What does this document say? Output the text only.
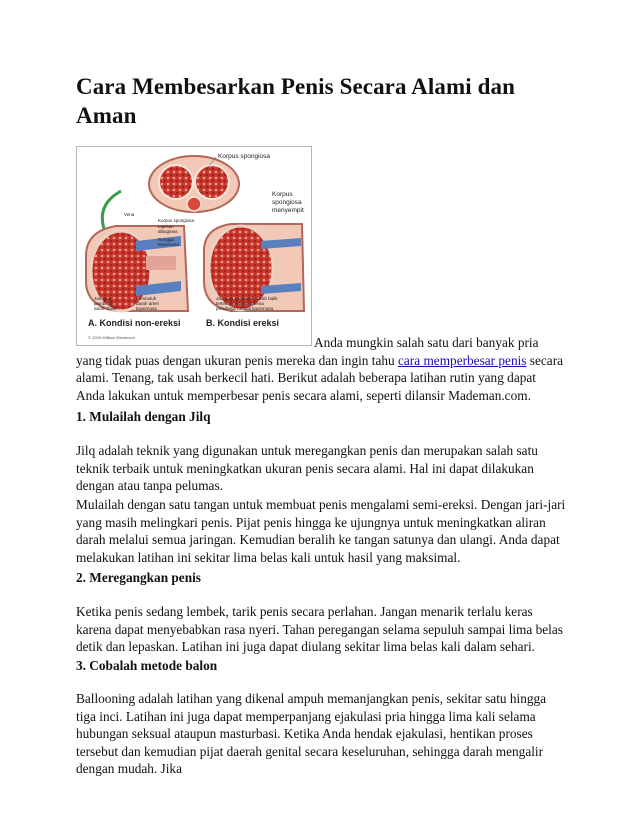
Cara Membesarkan Penis Secara Alami dan Aman
Korpus spongiosa
Korpus
spongiosa
menyempit
Vena
Korpus spongiosa
Lapisan
albuginea
Rongga
kavernosa
Jaringan
pembuluh
darah balik
Pembuluh
darah arteri
kavernosa
Jaringan pembuluh darah balik
tertekan/tertutup karena
penuhnya rongga kavernosa
A. Kondisi non-ereksi	B. Kondisi ereksi
© 2005 William Westwood	Anda mungkin salah satu dari banyak pria yang tidak puas dengan ukuran penis mereka dan ingin tahu cara memperbesar penis secara alami. Tenang, tak usah berkecil hati. Berikut adalah beberapa latihan rutin yang dapat Anda lakukan untuk memperbesar penis secara alami, seperti dilansir Mademan.com.

1. Mulailah dengan Jilq

Jilq adalah teknik yang digunakan untuk meregangkan penis dan merupakan salah satu teknik terbaik untuk meningkatkan ukuran penis secara alami. Hal ini dapat dilakukan dengan atau tanpa pelumas.

Mulailah dengan satu tangan untuk membuat penis mengalami semi-ereksi. Dengan jari-jari yang masih melingkari penis. Pijat penis hingga ke ujungnya untuk meningkatkan aliran darah melalui semua jaringan. Kemudian beralih ke tangan satunya dan ulangi. Anda dapat melakukan latihan ini sekitar lima belas kali untuk hasil yang maksimal.

2. Meregangkan penis

Ketika penis sedang lembek, tarik penis secara perlahan. Jangan menarik terlalu keras karena dapat menyebabkan rasa nyeri. Tahan peregangan selama sepuluh sampai lima belas detik dan lepaskan. Latihan ini juga dapat diulang sekitar lima belas kali dalam sehari.

3. Cobalah metode balon

Ballooning adalah latihan yang dikenal ampuh memanjangkan penis, sekitar satu hingga tiga inci. Latihan ini juga dapat memperpanjang ejakulasi pria hingga lima kali selama hubungan seksual ataupun masturbasi. Ketika Anda hendak ejakulasi, hentikan proses tersebut dan kemudian pijat daerah genital secara keseluruhan, sehingga darah mengalir dengan mudah. Jika
